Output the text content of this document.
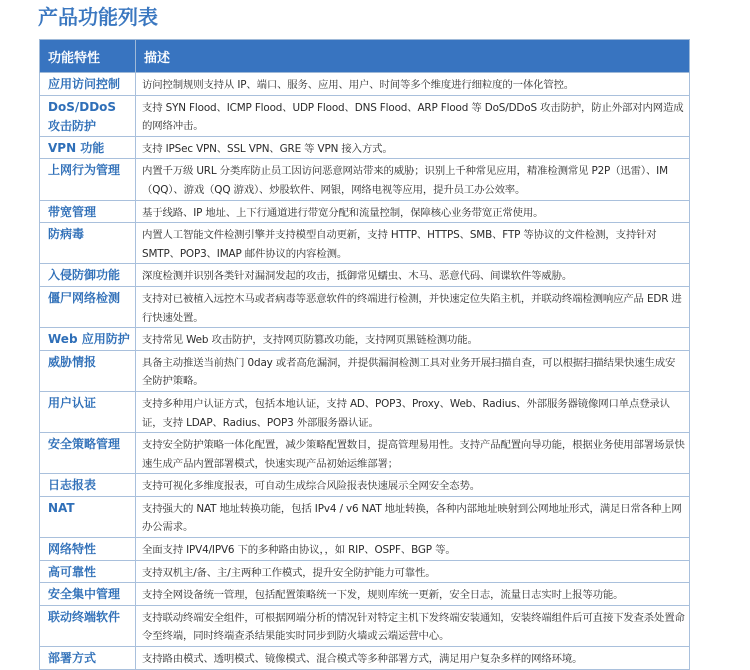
产品功能列表
功能特性	描述
应用访问控制	访问控制规则支持从 IP、端口、服务、应用、用户、时间等多个维度进行细粒度的一体化管控。
DoS/DDoS 攻击防护	支持 SYN Flood、ICMP Flood、UDP Flood、DNS Flood、ARP Flood 等 DoS/DDoS 攻击防护，防止外部对内网造成的网络冲击。
VPN 功能	支持 IPSec VPN、SSL VPN、GRE 等 VPN 接入方式。
上网行为管理	内置千万级 URL 分类库防止员工因访问恶意网站带来的威胁；识别上千种常见应用，精准检测常见 P2P（迅雷）、IM（QQ）、游戏（QQ 游戏）、炒股软件、网银，网络电视等应用，提升员工办公效率。
带宽管理	基于线路、IP 地址、上下行通道进行带宽分配和流量控制，保障核心业务带宽正常使用。
防病毒	内置人工智能文件检测引擎并支持模型自动更新，支持 HTTP、HTTPS、SMB、FTP 等协议的文件检测，支持针对 SMTP、POP3、IMAP 邮件协议的内容检测。
入侵防御功能	深度检测并识别各类针对漏洞发起的攻击，抵御常见蠕虫、木马、恶意代码、间谍软件等威胁。
僵尸网络检测	支持对已被植入远控木马或者病毒等恶意软件的终端进行检测，并快速定位失陷主机，并联动终端检测响应产品 EDR 进行快速处置。
Web 应用防护	支持常见 Web 攻击防护，支持网页防篡改功能，支持网页黑链检测功能。
威胁情报	具备主动推送当前热门 0day 或者高危漏洞，并提供漏洞检测工具对业务开展扫描自查，可以根据扫描结果快速生成安全防护策略。
用户认证	支持多种用户认证方式，包括本地认证，支持 AD、POP3、Proxy、Web、Radius、外部服务器镜像网口单点登录认证，支持 LDAP、Radius、POP3 外部服务器认证。
安全策略管理	支持安全防护策略一体化配置，减少策略配置数目，提高管理易用性。支持产品配置向导功能，根据业务使用部署场景快速生成产品内置部署模式，快速实现产品初始运维部署；
日志报表	支持可视化多维度报表，可自动生成综合风险报表快速展示全网安全态势。
NAT	支持强大的 NAT 地址转换功能，包括 IPv4 / v6 NAT 地址转换，各种内部地址映射到公网地址形式，满足日常各种上网办公需求。
网络特性	全面支持 IPV4/IPV6 下的多种路由协议，，如 RIP、OSPF、BGP 等。
高可靠性	支持双机主/备、主/主两种工作模式，提升安全防护能力可靠性。
安全集中管理	支持全网设备统一管理，包括配置策略统一下发，规则库统一更新，安全日志，流量日志实时上报等功能。
联动终端软件	支持联动终端安全组件，可根据网端分析的情况针对特定主机下发终端安装通知，安装终端组件后可直接下发查杀处置命令至终端，同时终端查杀结果能实时同步到防火墙或云端运营中心。
部署方式	支持路由模式、透明模式、镜像模式、混合模式等多种部署方式，满足用户复杂多样的网络环境。
